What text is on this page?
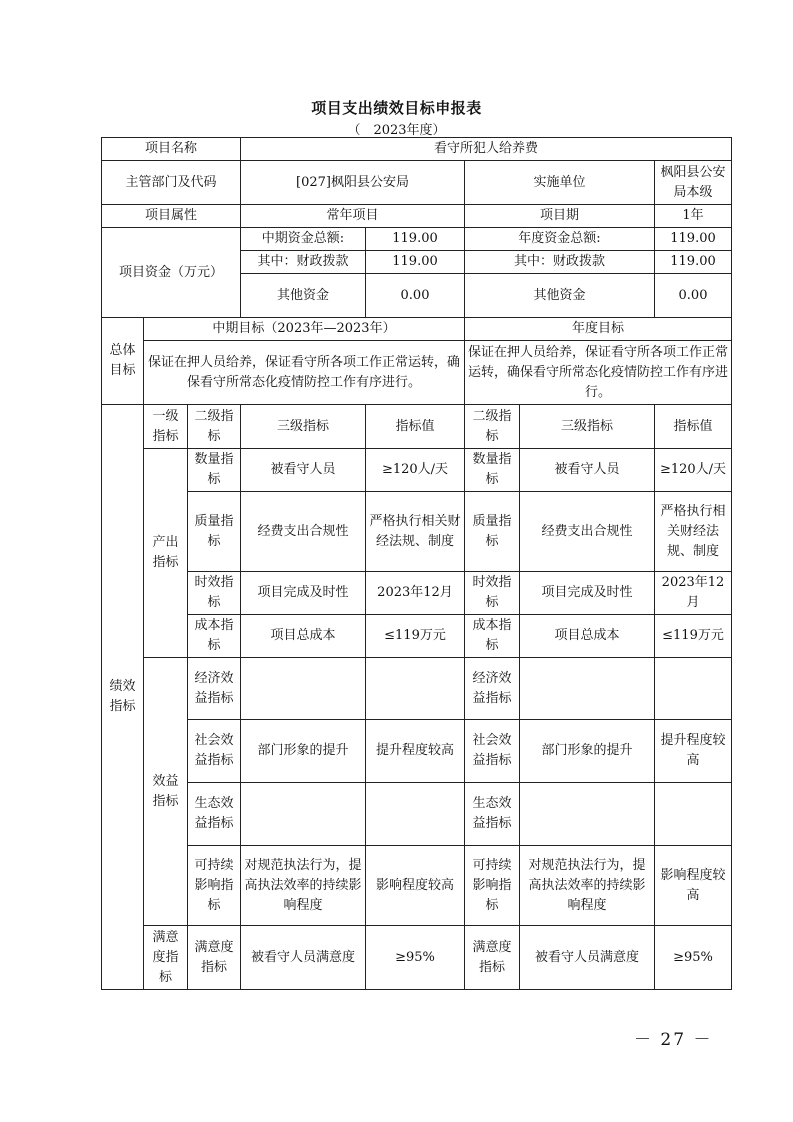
项目支出绩效目标申报表
（　2023年度）
项目名称			看守所犯人给养费				
主管部门及代码			[027]枫阳县公安局		实施单位		枫阳县公安局本级
项目属性			常年项目		项目期		1年
项目资金（万元）			中期资金总额:	119.00	年度资金总额:		119.00
			其中：财政拨款	119.00	其中：财政拨款		119.00
			其他资金	0.00	其他资金		0.00
总体目标	中期目标（2023年—2023年）				年度目标		
	保证在押人员给养，保证看守所各项工作正常运转，确保看守所常态化疫情防控工作有序进行。				保证在押人员给养，保证看守所各项工作正常运转，确保看守所常态化疫情防控工作有序进行。		
绩效指标	一级指标	二级指标	三级指标	指标值	二级指标	三级指标	指标值
	产出指标	数量指标	被看守人员	≥120人/天	数量指标	被看守人员	≥120人/天
		质量指标	经费支出合规性	严格执行相关财经法规、制度	质量指标	经费支出合规性	严格执行相关财经法规、制度
		时效指标	项目完成及时性	2023年12月	时效指标	项目完成及时性	2023年12月
		成本指标	项目总成本	≤119万元	成本指标	项目总成本	≤119万元
	效益指标	经济效益指标			经济效益指标		
		社会效益指标	部门形象的提升	提升程度较高	社会效益指标	部门形象的提升	提升程度较高
		生态效益指标			生态效益指标		
		可持续影响指标	对规范执法行为，提高执法效率的持续影响程度	影响程度较高	可持续影响指标	对规范执法行为，提高执法效率的持续影响程度	影响程度较高
	满意度指标	满意度指标	被看守人员满意度	≥95%	满意度指标	被看守人员满意度	≥95%
－ 27 －
